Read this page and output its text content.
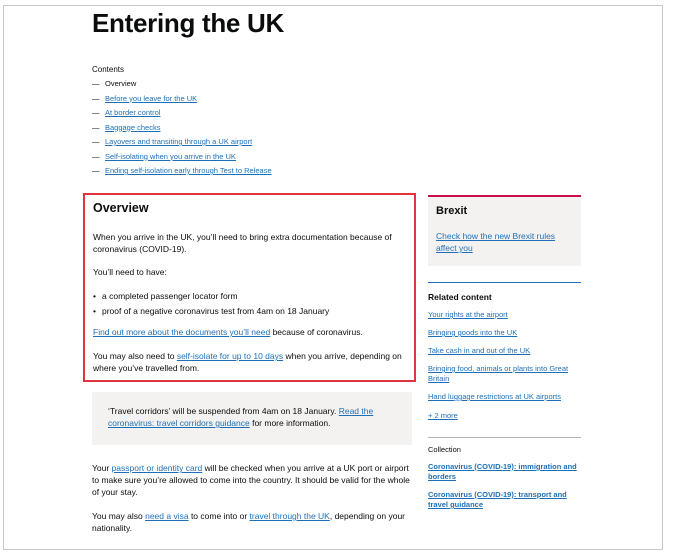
Entering the UK
Contents
— Overview
— Before you leave for the UK
— At border control
— Baggage checks
— Layovers and transiting through a UK airport
— Self-isolating when you arrive in the UK
— Ending self-isolation early through Test to Release
Overview

When you arrive in the UK, you’ll need to bring extra documentation because of coronavirus (COVID-19).

You’ll need to have:

• a completed passenger locator form
• proof of a negative coronavirus test from 4am on 18 January

Find out more about the documents you’ll need because of coronavirus.

You may also need to self-isolate for up to 10 days when you arrive, depending on where you’ve travelled from.

‘Travel corridors’ will be suspended from 4am on 18 January. Read the coronavirus: travel corridors guidance for more information.

Your passport or identity card will be checked when you arrive at a UK port or airport to make sure you’re allowed to come into the country. It should be valid for the whole of your stay.

You may also need a visa to come into or travel through the UK, depending on your nationality.

Brexit
Check how the new Brexit rules affect you
Related content
Your rights at the airport
Bringing goods into the UK
Take cash in and out of the UK
Bringing food, animals or plants into Great Britain
Hand luggage restrictions at UK airports
+ 2 more

Collection

Coronavirus (COVID-19): immigration and borders
Coronavirus (COVID-19): transport and travel guidance
